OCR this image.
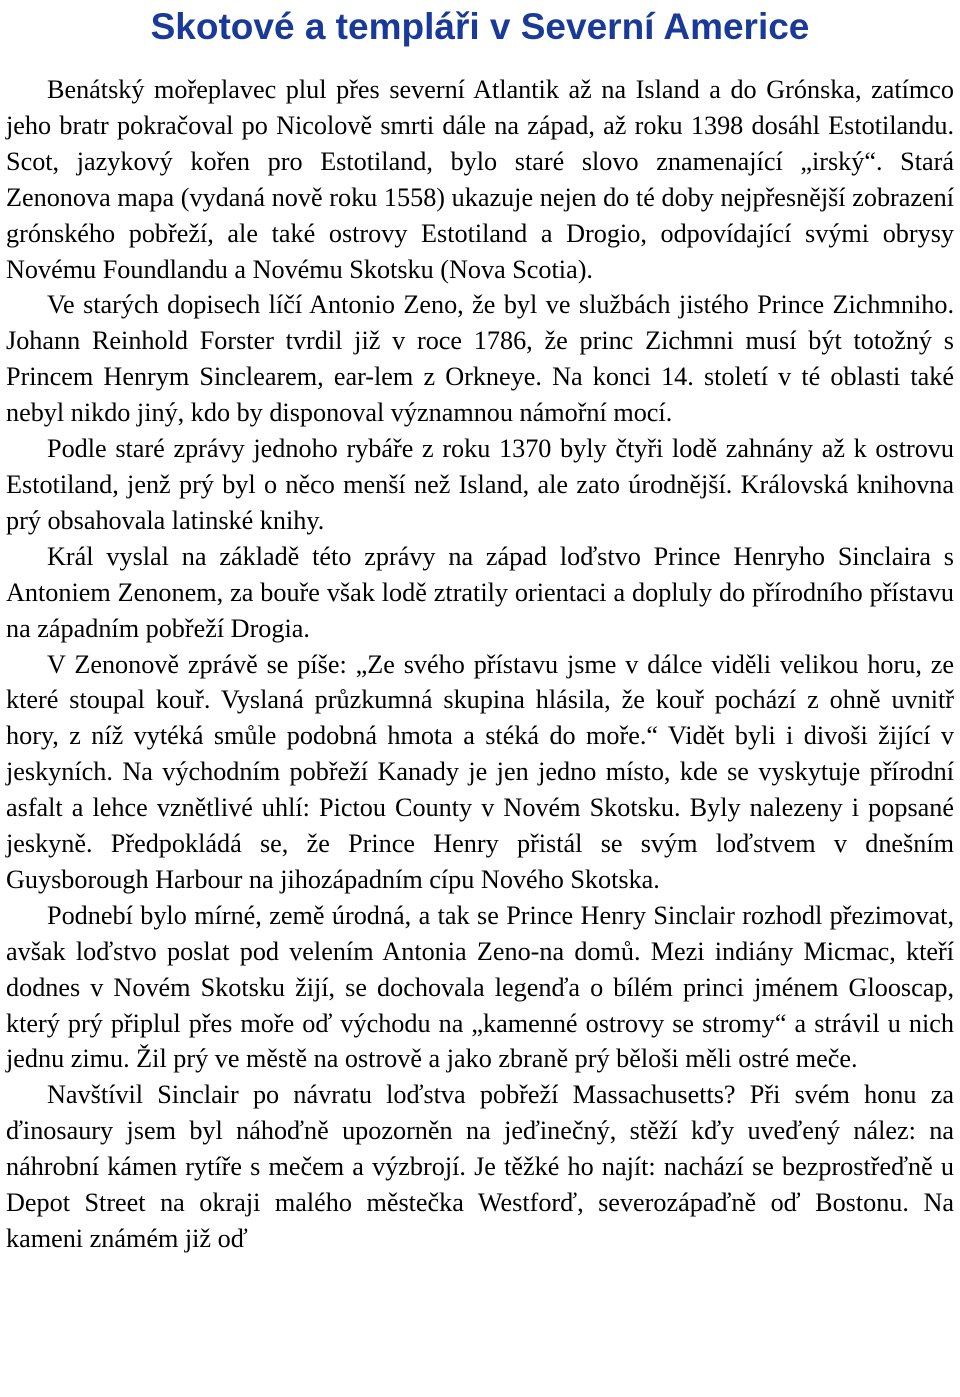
Skotové a templáři v Severní Americe

Benátský mořeplavec plul přes severní Atlantik až na Island a do Grónska, zatímco jeho bratr pokračoval po Nicolově smrti dále na západ, až roku 1398 dosáhl Estotilandu. Scot, jazykový kořen pro Estotiland, bylo staré slovo znamenající „irský“. Stará Zenonova mapa (vydaná nově roku 1558) ukazuje nejen do té doby nejpřesnější zobrazení grónského pobřeží, ale také ostrovy Estotiland a Drogio, odpovídající svými obrysy Novému Foundlandu a Novému Skotsku (Nova Scotia).

Ve starých dopisech líčí Antonio Zeno, že byl ve službách jistého Prince Zichmniho. Johann Reinhold Forster tvrdil již v roce 1786, že princ Zichmni musí být totožný s Princem Henrym Sinclearem, ear-lem z Orkneye. Na konci 14. století v té oblasti také nebyl nikdo jiný, kdo by disponoval významnou námořní mocí.

Podle staré zprávy jednoho rybáře z roku 1370 byly čtyři lodě zahnány až k ostrovu Estotiland, jenž prý byl o něco menší než Island, ale zato úrodnější. Královská knihovna prý obsahovala latinské knihy.

Král vyslal na základě této zprávy na západ loďstvo Prince Henryho Sinclaira s Antoniem Zenonem, za bouře však lodě ztratily orientaci a dopluly do přírodního přístavu na západním pobřeží Drogia.

V Zenonově zprávě se píše: „Ze svého přístavu jsme v dálce viděli velikou horu, ze které stoupal kouř. Vyslaná průzkumná skupina hlásila, že kouř pochází z ohně uvnitř hory, z níž vytéká smůle podobná hmota a stéká do moře.“ Vidět byli i divoši žijící v jeskyních. Na východním pobřeží Kanady je jen jedno místo, kde se vyskytuje přírodní asfalt a lehce vznětlivé uhlí: Pictou County v Novém Skotsku. Byly nalezeny i popsané jeskyně. Předpokládá se, že Prince Henry přistál se svým loďstvem v dnešním Guysborough Harbour na jihozápadním cípu Nového Skotska.

Podnebí bylo mírné, země úrodná, a tak se Prince Henry Sinclair rozhodl přezimovat, avšak loďstvo poslat pod velením Antonia Zeno-na domů. Mezi indiány Micmac, kteří dodnes v Novém Skotsku žijí, se dochovala legenďa o bílém princi jménem Glooscap, který prý připlul přes moře oď východu na „kamenné ostrovy se stromy“ a strávil u nich jednu zimu. Žil prý ve městě na ostrově a jako zbraně prý běloši měli ostré meče.

Navštívil Sinclair po návratu loďstva pobřeží Massachusetts? Při svém honu za ďinosaury jsem byl náhoďně upozorněn na jeďinečný, stěží kďy uveďený nález: na náhrobní kámen rytíře s mečem a výzbrojí. Je těžké ho najít: nachází se bezprostřeďně u Depot Street na okraji malého městečka Westforď, severozápaďně oď Bostonu. Na kameni známém již oď
